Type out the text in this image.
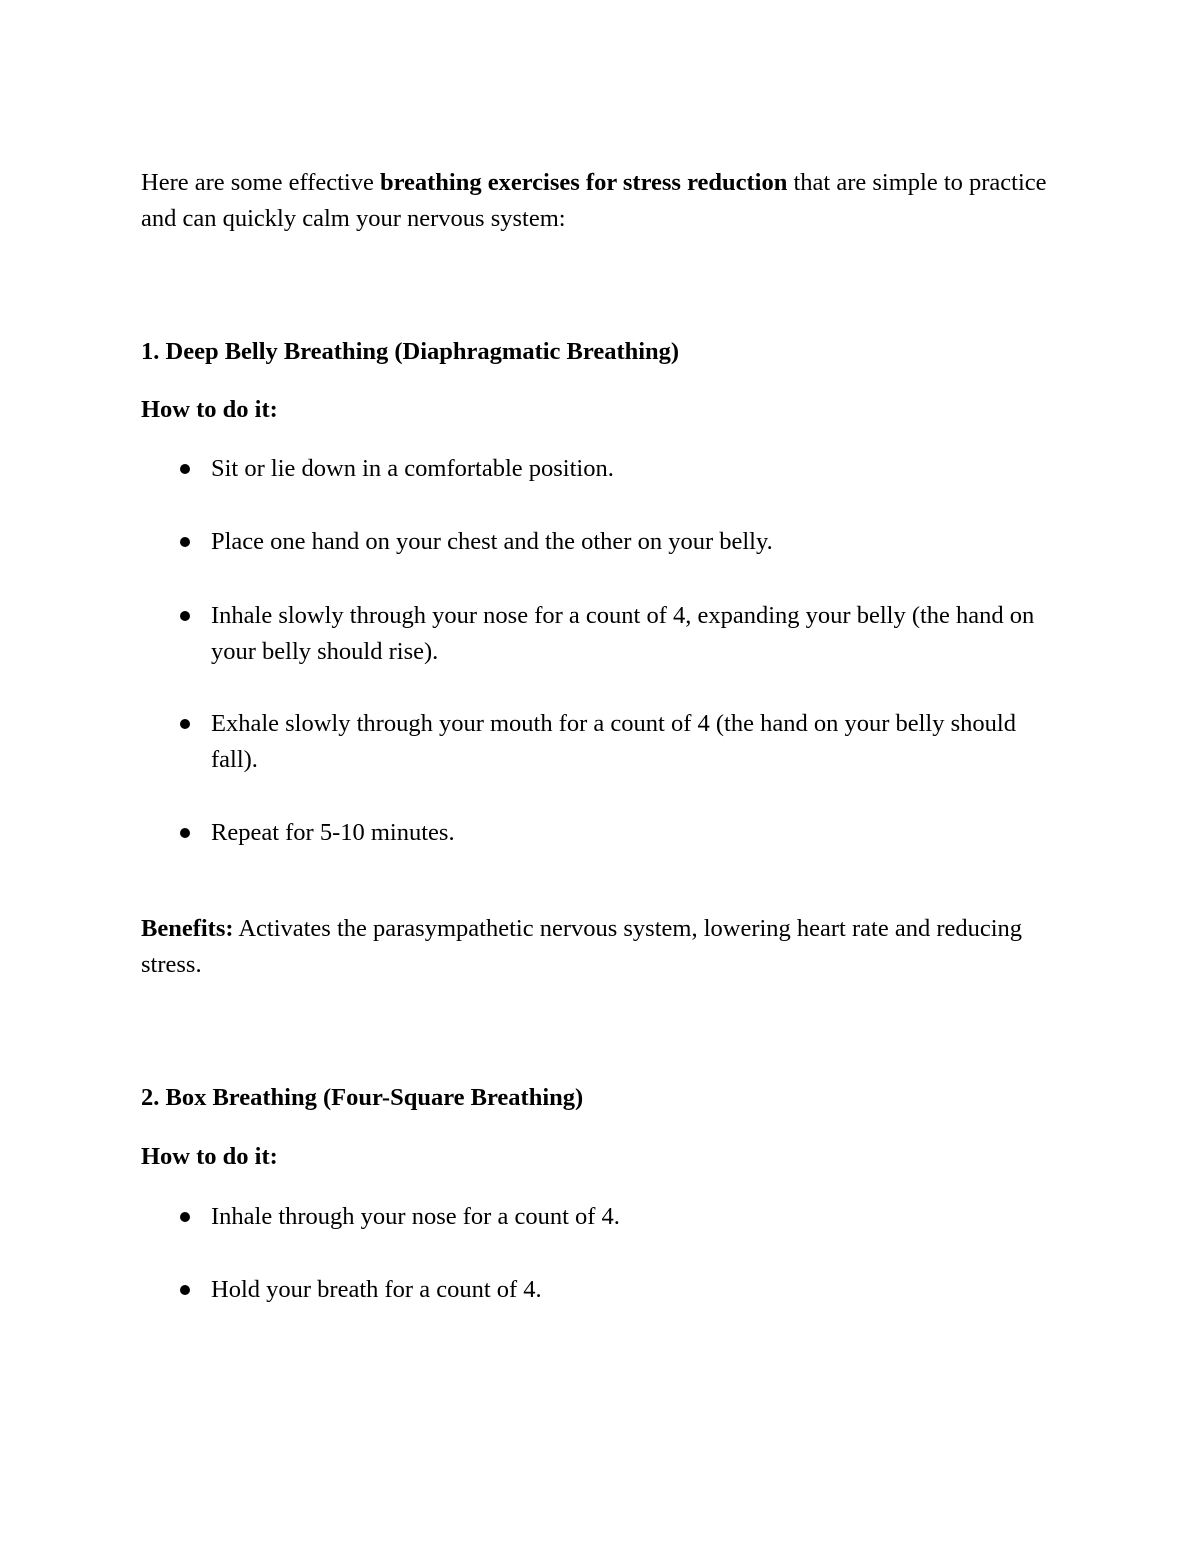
Here are some effective breathing exercises for stress reduction that are simple to practice and can quickly calm your nervous system:

1. Deep Belly Breathing (Diaphragmatic Breathing)

How to do it:

Sit or lie down in a comfortable position.
Place one hand on your chest and the other on your belly.
Inhale slowly through your nose for a count of 4, expanding your belly (the hand on your belly should rise).
Exhale slowly through your mouth for a count of 4 (the hand on your belly should fall).
Repeat for 5-10 minutes.

Benefits: Activates the parasympathetic nervous system, lowering heart rate and reducing stress.

2. Box Breathing (Four-Square Breathing)

How to do it:

Inhale through your nose for a count of 4.
Hold your breath for a count of 4.
